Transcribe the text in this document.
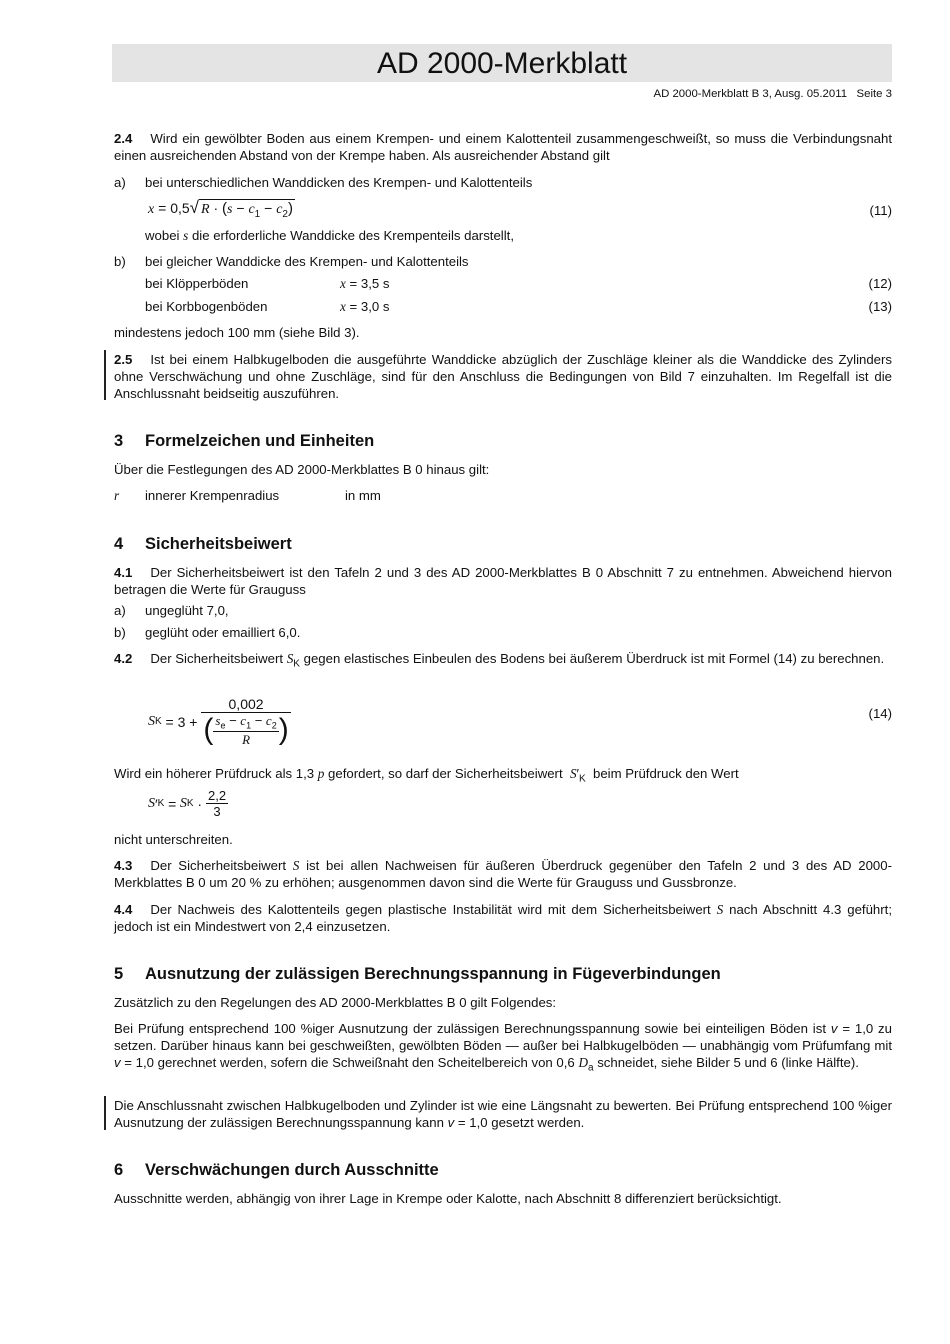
AD 2000-Merkblatt
AD 2000-Merkblatt B 3, Ausg. 05.2011   Seite 3
2.4 Wird ein gewölbter Boden aus einem Krempen- und einem Kalottenteil zusammengeschweißt, so muss die Verbindungsnaht einen ausreichenden Abstand von der Krempe haben. Als ausreichender Abstand gilt
a) bei unterschiedlichen Wanddicken des Krempen- und Kalottenteils
x = 0,5√ $R \cdot (s - c_1 - c_2)$	(11)
wobei s die erforderliche Wanddicke des Krempenteils darstellt,
b) bei gleicher Wanddicke des Krempen- und Kalottenteils
bei Klöpperböden	x = 3,5 s	(12)
bei Korbbogenböden	x = 3,0 s	(13)
mindestens jedoch 100 mm (siehe Bild 3).
2.5 Ist bei einem Halbkugelboden die ausgeführte Wanddicke abzüglich der Zuschläge kleiner als die Wanddicke des Zylinders ohne Verschwächung und ohne Zuschläge, sind für den Anschluss die Bedingungen von Bild 7 einzuhalten. Im Regelfall ist die Anschlussnaht beidseitig auszuführen.
3 Formelzeichen und Einheiten
Über die Festlegungen des AD 2000-Merkblattes B 0 hinaus gilt:
r innerer Krempenradius	in mm
4 Sicherheitsbeiwert
4.1 Der Sicherheitsbeiwert ist den Tafeln 2 und 3 des AD 2000-Merkblattes B 0 Abschnitt 7 zu entnehmen. Abweichend hiervon betragen die Werte für Grauguss
a) ungeglüht 7,0,
b) geglüht oder emailliert 6,0.
4.2 Der Sicherheitsbeiwert $S_K$ gegen elastisches Einbeulen des Bodens bei äußerem Überdruck ist mit Formel (14) zu berechnen.
S $K = 3 + \frac{0,002}{( \frac{s_e - c_1 - c_2}{R} )}$	(14)
Wird ein höherer Prüfdruck als 1,3 p gefordert, so darf der Sicherheitsbeiwert $S'_K$ beim Prüfdruck den Wert
S ′ K = S $K \cdot \frac{2,2}{3}$
nicht unterschreiten.
4.3 Der Sicherheitsbeiwert S ist bei allen Nachweisen für äußeren Überdruck gegenüber den Tafeln 2 und 3 des AD 2000-Merkblattes B 0 um 20 % zu erhöhen; ausgenommen davon sind die Werte für Grauguss und Gussbronze.
4.4 Der Nachweis des Kalottenteils gegen plastische Instabilität wird mit dem Sicherheitsbeiwert S nach Abschnitt 4.3 geführt; jedoch ist ein Mindestwert von 2,4 einzusetzen.
5 Ausnutzung der zulässigen Berechnungsspannung in Fügeverbindungen
Zusätzlich zu den Regelungen des AD 2000-Merkblattes B 0 gilt Folgendes:
Bei Prüfung entsprechend 100 %iger Ausnutzung der zulässigen Berechnungsspannung sowie bei einteiligen Böden ist v = 1,0 zu setzen. Darüber hinaus kann bei geschweißten, gewölbten Böden — außer bei Halbkugelböden — unabhängig vom Prüfumfang mit v = 1,0 gerechnet werden, sofern die Schweißnaht den Scheitelbereich von 0,6 $D_a$ schneidet, siehe Bilder 5 und 6 (linke Hälfte).
Die Anschlussnaht zwischen Halbkugelboden und Zylinder ist wie eine Längsnaht zu bewerten. Bei Prüfung entsprechend 100 %iger Ausnutzung der zulässigen Berechnungsspannung kann v = 1,0 gesetzt werden.
6 Verschwächungen durch Ausschnitte
Ausschnitte werden, abhängig von ihrer Lage in Krempe oder Kalotte, nach Abschnitt 8 differenziert berücksichtigt.
